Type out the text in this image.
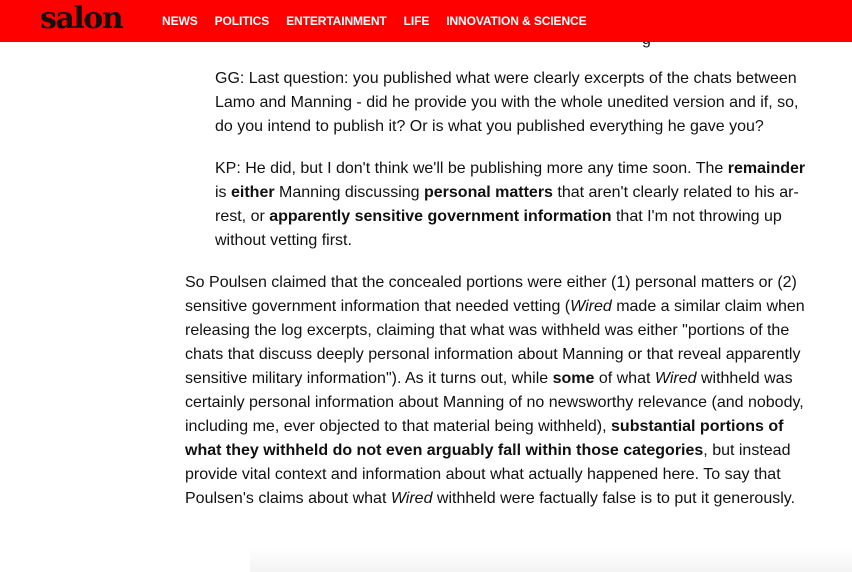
salon	NEWS POLITICS ENTERTAINMENT LIFE INNOVATION & SCIENCE

GG: Last question: you published what were clearly excerpts of the chats between Lamo and Manning - did he provide you with the whole unedited version and if, so, do you intend to publish it? Or is what you published everything he gave you?

KP: He did, but I don't think we'll be publishing more any time soon. The remainder is either Manning discussing personal matters that aren't clearly related to his arrest, or apparently sensitive government information that I'm not throwing up without vetting first.

So Poulsen claimed that the concealed portions were either (1) personal matters or (2) sensitive government information that needed vetting (Wired made a similar claim when releasing the log excerpts, claiming that what was withheld was either "portions of the chats that discuss deeply personal information about Manning or that reveal apparently sensitive military information"). As it turns out, while some of what Wired withheld was certainly personal information about Manning of no newsworthy relevance (and nobody, including me, ever objected to that material being withheld), substantial portions of what they withheld do not even arguably fall within those categories, but instead provide vital context and information about what actually happened here. To say that Poulsen's claims about what Wired withheld were factually false is to put it generously.
